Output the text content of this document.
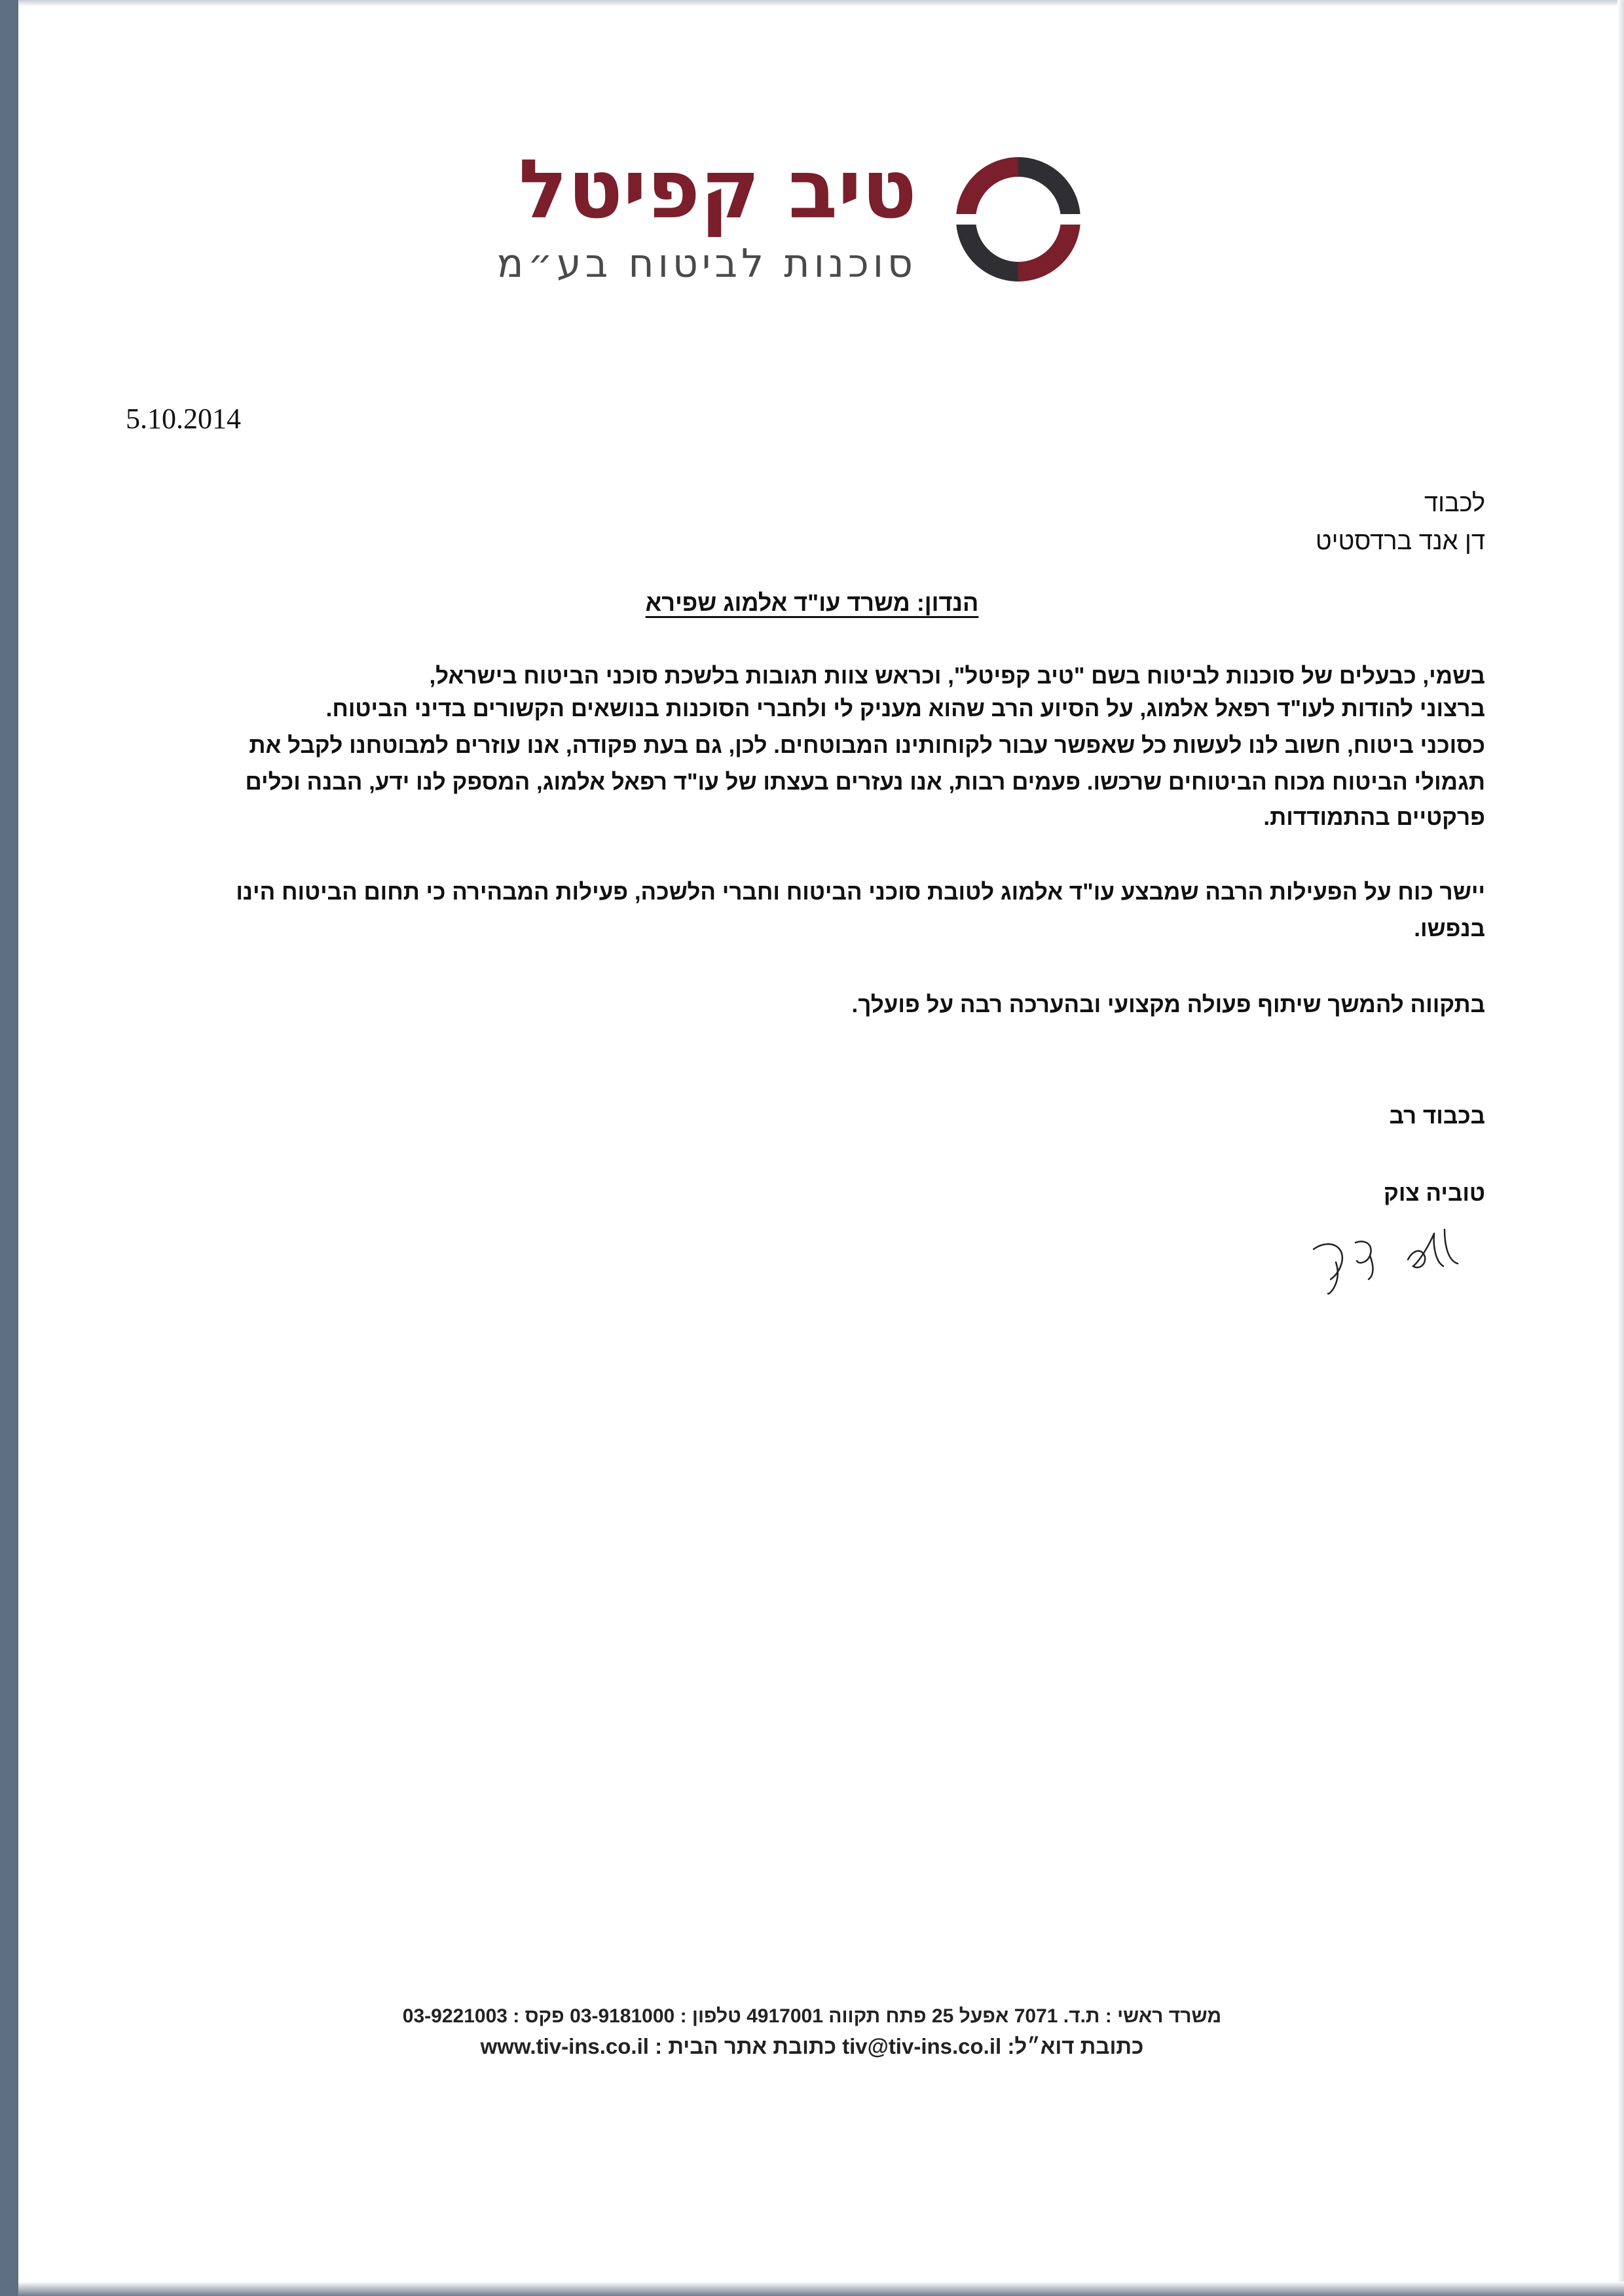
טיב קפיטל
סוכנות לביטוח בע״מ
5.10.2014
לכבוד
דן אנד ברדסטיט
הנדון: משרד עו"ד אלמוג שפירא
בשמי, כבעלים של סוכנות לביטוח בשם "טיב קפיטל", וכראש צוות תגובות בלשכת סוכני הביטוח בישראל,
ברצוני להודות לעו"ד רפאל אלמוג, על הסיוע הרב שהוא מעניק לי ולחברי הסוכנות בנושאים הקשורים בדיני הביטוח.
כסוכני ביטוח, חשוב לנו לעשות כל שאפשר עבור לקוחותינו המבוטחים. לכן, גם בעת פקודה, אנו עוזרים למבוטחנו לקבל את
תגמולי הביטוח מכוח הביטוחים שרכשו. פעמים רבות, אנו נעזרים בעצתו של עו"ד רפאל אלמוג, המספק לנו ידע, הבנה וכלים
פרקטיים בהתמודדות.
יישר כוח על הפעילות הרבה שמבצע עו"ד אלמוג לטובת סוכני הביטוח וחברי הלשכה, פעילות המבהירה כי תחום הביטוח הינו
בנפשו.
בתקווה להמשך שיתוף פעולה מקצועי ובהערכה רבה על פועלך.
בכבוד רב
טוביה צוק
משרד ראשי : ת.ד. 7071 אפעל 25 פתח תקווה 4917001 טלפון : 03-9181000 פקס : 03-9221003
כתובת דוא״ל: tiv@tiv-ins.co.il כתובת אתר הבית : www.tiv-ins.co.il
